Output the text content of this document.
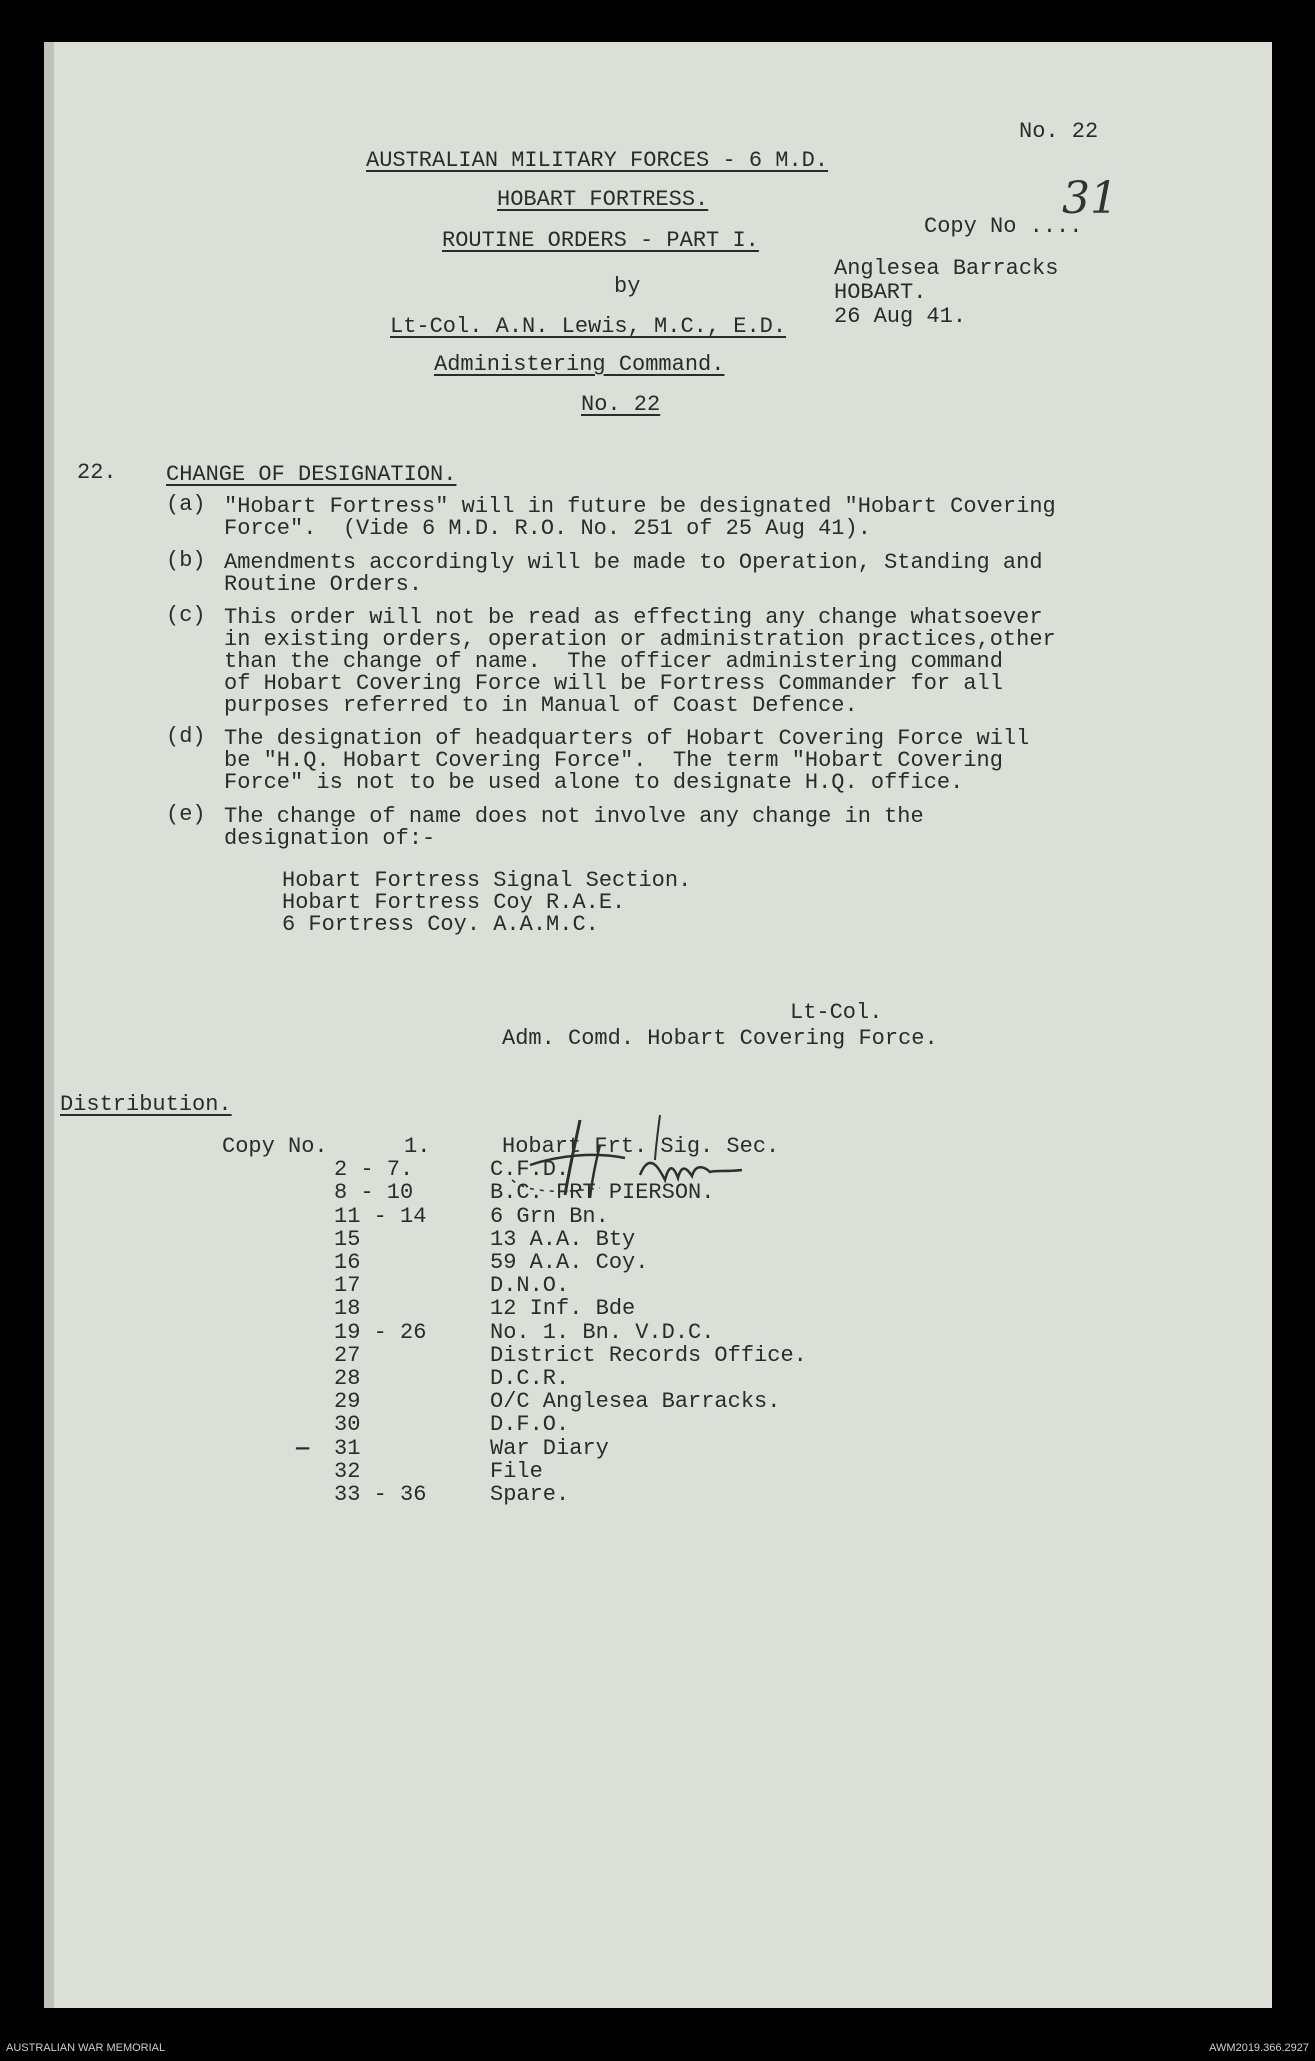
No. 22
AUSTRALIAN MILITARY FORCES - 6 M.D.
HOBART FORTRESS.
Copy No ....
31
ROUTINE ORDERS - PART I.
Anglesea Barracks
by	HOBART.
26 Aug 41.
Lt-Col. A.N. Lewis, M.C., E.D.
Administering Command.
No. 22
22. CHANGE OF DESIGNATION.
(a) "Hobart Fortress" will in future be designated "Hobart Covering
Force".  (Vide 6 M.D. R.O. No. 251 of 25 Aug 41).
(b) Amendments accordingly will be made to Operation, Standing and
Routine Orders.
(c) This order will not be read as effecting any change whatsoever
in existing orders, operation or administration practices,other
than the change of name.  The officer administering command
of Hobart Covering Force will be Fortress Commander for all
purposes referred to in Manual of Coast Defence.
(d) The designation of headquarters of Hobart Covering Force will
be "H.Q. Hobart Covering Force".  The term "Hobart Covering
Force" is not to be used alone to designate H.Q. office.
(e) The change of name does not involve any change in the
designation of:-
Hobart Fortress Signal Section.
Hobart Fortress Coy R.A.E.
6 Fortress Coy. A.A.M.C.
Lt-Col.
Adm. Comd. Hobart Covering Force.
Distribution.
Copy No.	1.	Hobart Frt. Sig. Sec.
2 - 7.	C.F.D.
8 - 10	B.C. FRT PIERSON.
11 - 14	6 Grn Bn.
15	13 A.A. Bty
16	59 A.A. Coy.
17	D.N.O.
18	12 Inf. Bde
19 - 26	No. 1. Bn. V.D.C.
27	District Records Office.
28	D.C.R.
29	O/C Anglesea Barracks.
30	D.F.O.
31	War Diary
—
32	File
33 - 36	Spare.
AUSTRALIAN WAR MEMORIAL	AWM2019.366.2927
